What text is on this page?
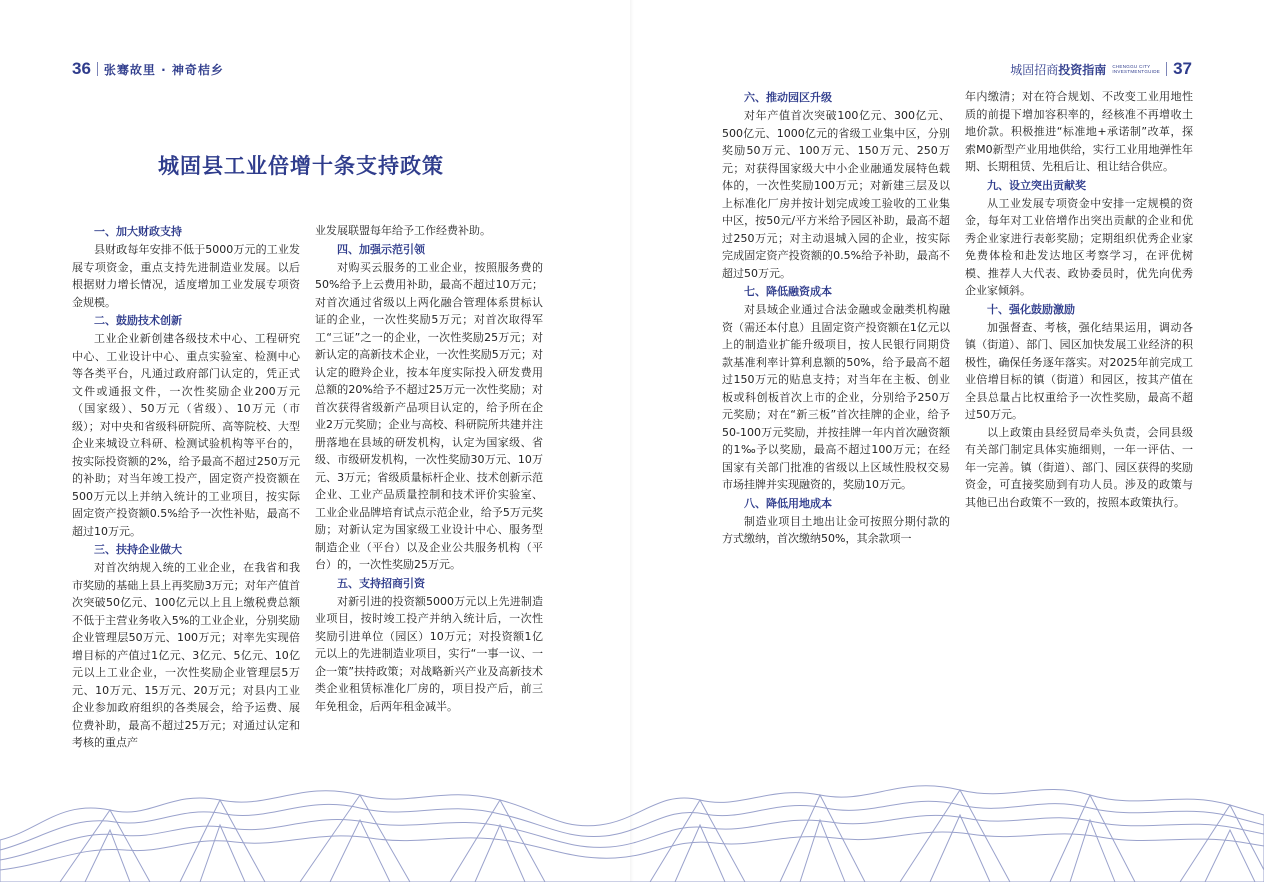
36 张骞故里 · 神奇桔乡
城固县工业倍增十条支持政策
一、加大财政支持

县财政每年安排不低于5000万元的工业发展专项资金，重点支持先进制造业发展。以后根据财力增长情况，适度增加工业发展专项资金规模。

二、鼓励技术创新

工业企业新创建各级技术中心、工程研究中心、工业设计中心、重点实验室、检测中心等各类平台，凡通过政府部门认定的，凭正式文件或通报文件，一次性奖励企业200万元（国家级）、50万元（省级）、10万元（市级）；对中央和省级科研院所、高等院校、大型企业来城设立科研、检测试验机构等平台的，按实际投资额的2%，给予最高不超过250万元的补助；对当年竣工投产，固定资产投资额在500万元以上并纳入统计的工业项目，按实际固定资产投资额0.5%给予一次性补贴，最高不超过10万元。

三、扶持企业做大

对首次纳规入统的工业企业，在我省和我市奖励的基础上县上再奖励3万元；对年产值首次突破50亿元、100亿元以上且上缴税费总额不低于主营业务收入5%的工业企业，分别奖励企业管理层50万元、100万元；对率先实现倍增目标的产值过1亿元、3亿元、5亿元、10亿元以上工业企业，一次性奖励企业管理层5万元、10万元、15万元、20万元；对县内工业企业参加政府组织的各类展会，给予运费、展位费补助，最高不超过25万元；对通过认定和考核的重点产

业发展联盟每年给予工作经费补助。

四、加强示范引领

对购买云服务的工业企业，按照服务费的50%给予上云费用补助，最高不超过10万元；对首次通过省级以上两化融合管理体系贯标认证的企业，一次性奖励5万元；对首次取得军工“三证”之一的企业，一次性奖励25万元；对新认定的高新技术企业，一次性奖励5万元；对认定的瞪羚企业，按本年度实际投入研发费用总额的20%给予不超过25万元一次性奖励；对首次获得省级新产品项目认定的，给予所在企业2万元奖励；企业与高校、科研院所共建并注册落地在县域的研发机构，认定为国家级、省级、市级研发机构，一次性奖励30万元、10万元、3万元；省级质量标杆企业、技术创新示范企业、工业产品质量控制和技术评价实验室、工业企业品牌培育试点示范企业，给予5万元奖励；对新认定为国家级工业设计中心、服务型制造企业（平台）以及企业公共服务机构（平台）的，一次性奖励25万元。

五、支持招商引资

对新引进的投资额5000万元以上先进制造业项目，按时竣工投产并纳入统计后，一次性奖励引进单位（园区）10万元；对投资额1亿元以上的先进制造业项目，实行“一事一议、一企一策”扶持政策；对战略新兴产业及高新技术类企业租赁标准化厂房的，项目投产后，前三年免租金，后两年租金减半。

城固招商投资指南 CHENGGU CITY
INVESTMENTGUIDE 37
六、推动园区升级

对年产值首次突破100亿元、300亿元、500亿元、1000亿元的省级工业集中区，分别奖励50万元、100万元、150万元、250万元；对获得国家级大中小企业融通发展特色载体的，一次性奖励100万元；对新建三层及以上标准化厂房并按计划完成竣工验收的工业集中区，按50元/平方米给予园区补助，最高不超过250万元；对主动退城入园的企业，按实际完成固定资产投资额的0.5%给予补助，最高不超过50万元。

七、降低融资成本

对县域企业通过合法金融或金融类机构融资（需还本付息）且固定资产投资额在1亿元以上的制造业扩能升级项目，按人民银行同期贷款基准利率计算利息额的50%，给予最高不超过150万元的贴息支持；对当年在主板、创业板或科创板首次上市的企业，分别给予250万元奖励；对在“新三板”首次挂牌的企业，给予50-100万元奖励，并按挂牌一年内首次融资额的1‰予以奖励，最高不超过100万元；在经国家有关部门批准的省级以上区域性股权交易市场挂牌并实现融资的，奖励10万元。

八、降低用地成本

制造业项目土地出让金可按照分期付款的方式缴纳，首次缴纳50%，其余款项一

年内缴清；对在符合规划、不改变工业用地性质的前提下增加容积率的，经核准不再增收土地价款。积极推进“标准地+承诺制”改革，探索M0新型产业用地供给，实行工业用地弹性年期、长期租赁、先租后让、租让结合供应。

九、设立突出贡献奖

从工业发展专项资金中安排一定规模的资金，每年对工业倍增作出突出贡献的企业和优秀企业家进行表彰奖励；定期组织优秀企业家免费体检和赴发达地区考察学习，在评优树模、推荐人大代表、政协委员时，优先向优秀企业家倾斜。

十、强化鼓励激励

加强督查、考核，强化结果运用，调动各镇（街道）、部门、园区加快发展工业经济的积极性，确保任务逐年落实。对2025年前完成工业倍增目标的镇（街道）和园区，按其产值在全县总量占比权重给予一次性奖励，最高不超过50万元。

以上政策由县经贸局牵头负责，会同县级有关部门制定具体实施细则，一年一评估、一年一完善。镇（街道）、部门、园区获得的奖励资金，可直接奖励到有功人员。涉及的政策与其他已出台政策不一致的，按照本政策执行。
